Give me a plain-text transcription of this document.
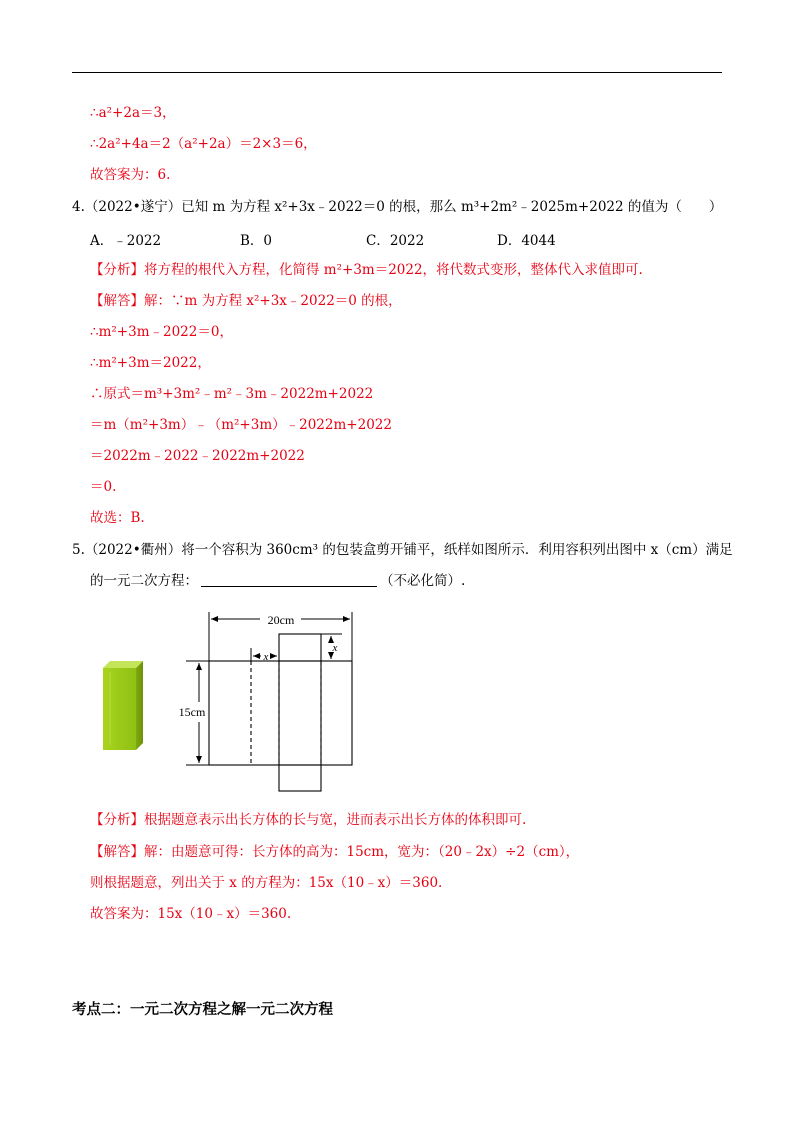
∴a²+2a＝3，
∴2a²+4a＝2（a²+2a）＝2×3＝6，
故答案为：6.
4.（2022•遂宁）已知 m 为方程 x²+3x﹣2022＝0 的根，那么 m³+2m²﹣2025m+2022 的值为（　　）
A．﹣2022	B．0	C．2022	D．4044
【分析】将方程的根代入方程，化简得 m²+3m＝2022，将代数式变形，整体代入求值即可.
【解答】解：∵m 为方程 x²+3x﹣2022＝0 的根，
∴m²+3m﹣2022＝0，
∴m²+3m＝2022，
∴原式＝m³+3m²﹣m²﹣3m﹣2022m+2022
＝m（m²+3m）﹣（m²+3m）﹣2022m+2022
＝2022m﹣2022﹣2022m+2022
＝0.
故选：B.
5.（2022•衢州）将一个容积为 360cm³ 的包装盒剪开铺平，纸样如图所示．利用容积列出图中 x（cm）满足
的一元二次方程：	（不必化简）.
20cm
x
x
15cm
【分析】根据题意表示出长方体的长与宽，进而表示出长方体的体积即可.
【解答】解：由题意可得：长方体的高为：15cm，宽为：（20﹣2x）÷2（cm），
则根据题意，列出关于 x 的方程为：15x（10﹣x）＝360.
故答案为：15x（10﹣x）＝360.
考点二：一元二次方程之解一元二次方程
